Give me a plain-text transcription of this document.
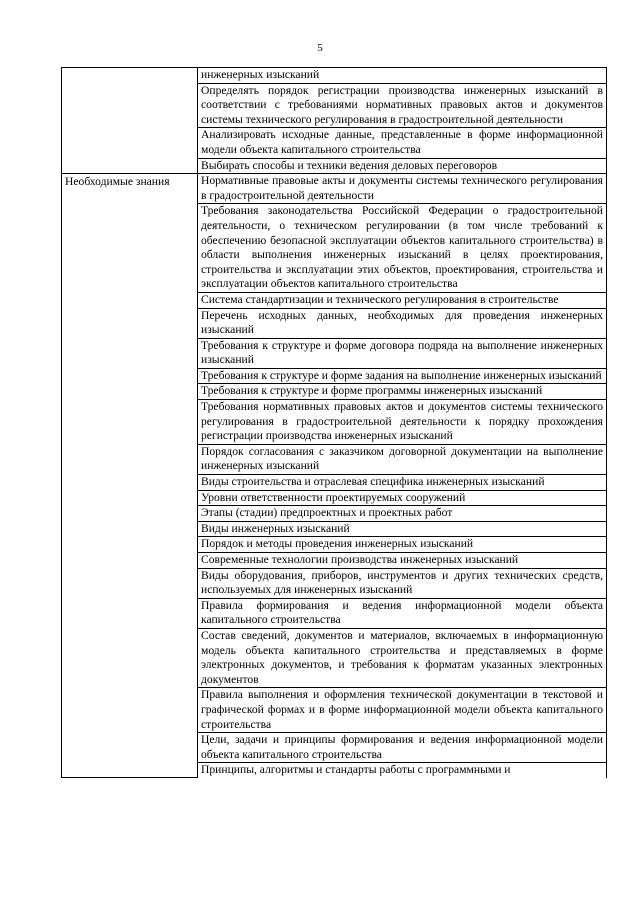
5
	инженерных изысканий
	Определять порядок регистрации производства инженерных изысканий в соответствии с требованиями нормативных правовых актов и документов системы технического регулирования в градостроительной деятельности
	Анализировать исходные данные, представленные в форме информационной модели объекта капитального строительства
	Выбирать способы и техники ведения деловых переговоров
Необходимые знания	Нормативные правовые акты и документы системы технического регулирования в градостроительной деятельности
	Требования законодательства Российской Федерации о градостроительной деятельности, о техническом регулировании (в том числе требований к обеспечению безопасной эксплуатации объектов капитального строительства) в области выполнения инженерных изысканий в целях проектирования, строительства и эксплуатации этих объектов, проектирования, строительства и эксплуатации объектов капитального строительства
	Система стандартизации и технического регулирования в строительстве
	Перечень исходных данных, необходимых для проведения инженерных изысканий
	Требования к структуре и форме договора подряда на выполнение инженерных изысканий
	Требования к структуре и форме задания на выполнение инженерных изысканий
	Требования к структуре и форме программы инженерных изысканий
	Требования нормативных правовых актов и документов системы технического регулирования в градостроительной деятельности к порядку прохождения регистрации производства инженерных изысканий
	Порядок согласования с заказчиком договорной документации на выполнение инженерных изысканий
	Виды строительства и отраслевая специфика инженерных изысканий
	Уровни ответственности проектируемых сооружений
	Этапы (стадии) предпроектных и проектных работ
	Виды инженерных изысканий
	Порядок и методы проведения инженерных изысканий
	Современные технологии производства инженерных изысканий
	Виды оборудования, приборов, инструментов и других технических средств, используемых для инженерных изысканий
	Правила формирования и ведения информационной модели объекта капитального строительства
	Состав сведений, документов и материалов, включаемых в информационную модель объекта капитального строительства и представляемых в форме электронных документов, и требования к форматам указанных электронных документов
	Правила выполнения и оформления технической документации в текстовой и графической формах и в форме информационной модели объекта капитального строительства
	Цели, задачи и принципы формирования и ведения информационной модели объекта капитального строительства
	Принципы, алгоритмы и стандарты работы с программными и
